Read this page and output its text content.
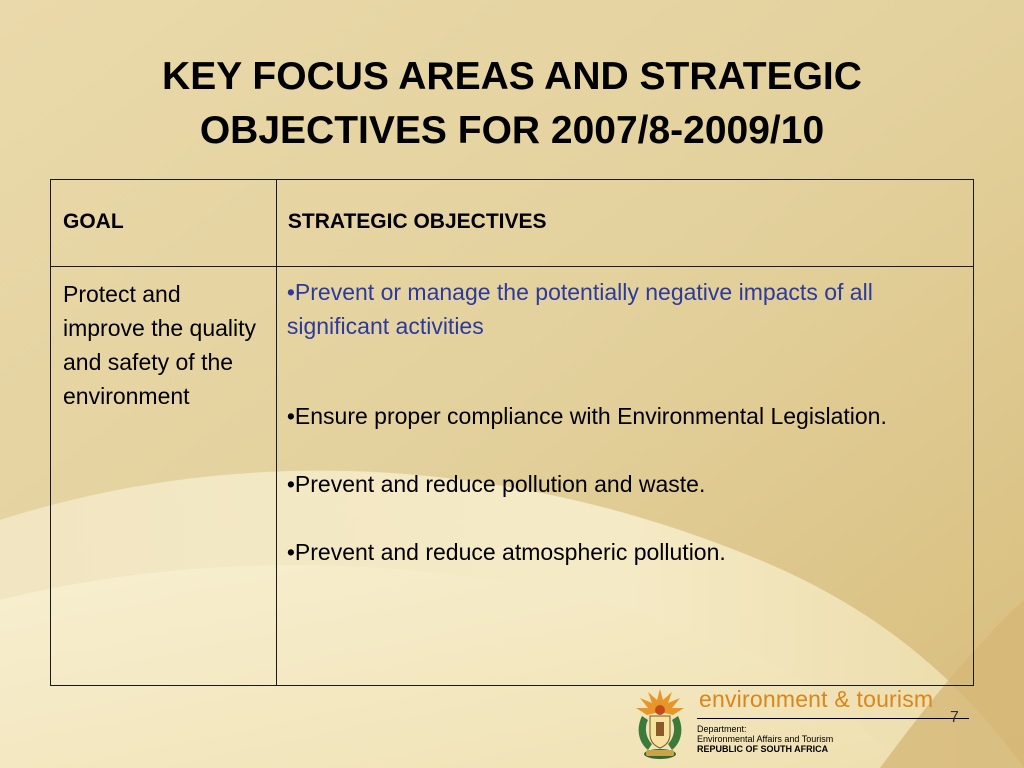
KEY FOCUS AREAS AND STRATEGIC
OBJECTIVES FOR 2007/8-2009/10
GOAL	STRATEGIC OBJECTIVES
Protect and improve the quality and safety of the environment	•Prevent or manage the potentially negative impacts of all significant activities

•Ensure proper compliance with Environmental Legislation.

•Prevent and reduce pollution and waste.

•Prevent and reduce atmospheric pollution.

environment & tourism
7
Department:
Environmental Affairs and Tourism
REPUBLIC OF SOUTH AFRICA
